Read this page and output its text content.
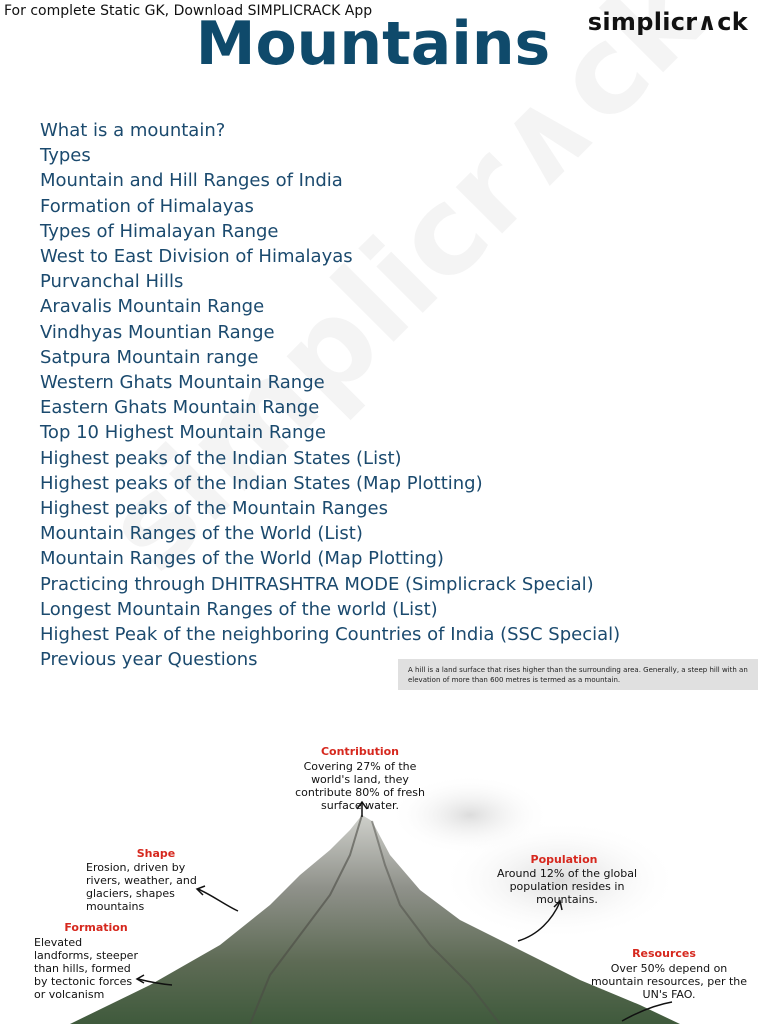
For complete Static GK, Download SIMPLICRACK App	simplicr∧ck
Mountains
What is a mountain?
Types
Mountain and Hill Ranges of India
Formation of Himalayas
Types of Himalayan Range
West to East Division of Himalayas
Purvanchal Hills
Aravalis Mountain Range
Vindhyas Mountian Range
Satpura Mountain range
Western Ghats Mountain Range
Eastern Ghats Mountain Range
Top 10 Highest Mountain Range
Highest peaks of the Indian States (List)
Highest peaks of the Indian States (Map Plotting)
Highest peaks of the Mountain Ranges
Mountain Ranges of the World (List)
Mountain Ranges of the World (Map Plotting)
Practicing through DHITRASHTRA MODE (Simplicrack Special)
Longest Mountain Ranges of the world (List)
Highest Peak of the neighboring Countries of India (SSC Special)
Previous year Questions	A hill is a land surface that rises higher than the surrounding area. Generally, a steep hill with an elevation of more than 600 metres is termed as a mountain.
Contribution
Covering 27% of the world's land, they contribute 80% of fresh surface water.
Shape
Erosion, driven by rivers, weather, and glaciers, shapes mountains
Population
Around 12% of the global population resides in mountains.
Formation
Elevated landforms, steeper than hills, formed by tectonic forces or volcanism
Resources
Over 50% depend on mountain resources, per the UN's FAO.
